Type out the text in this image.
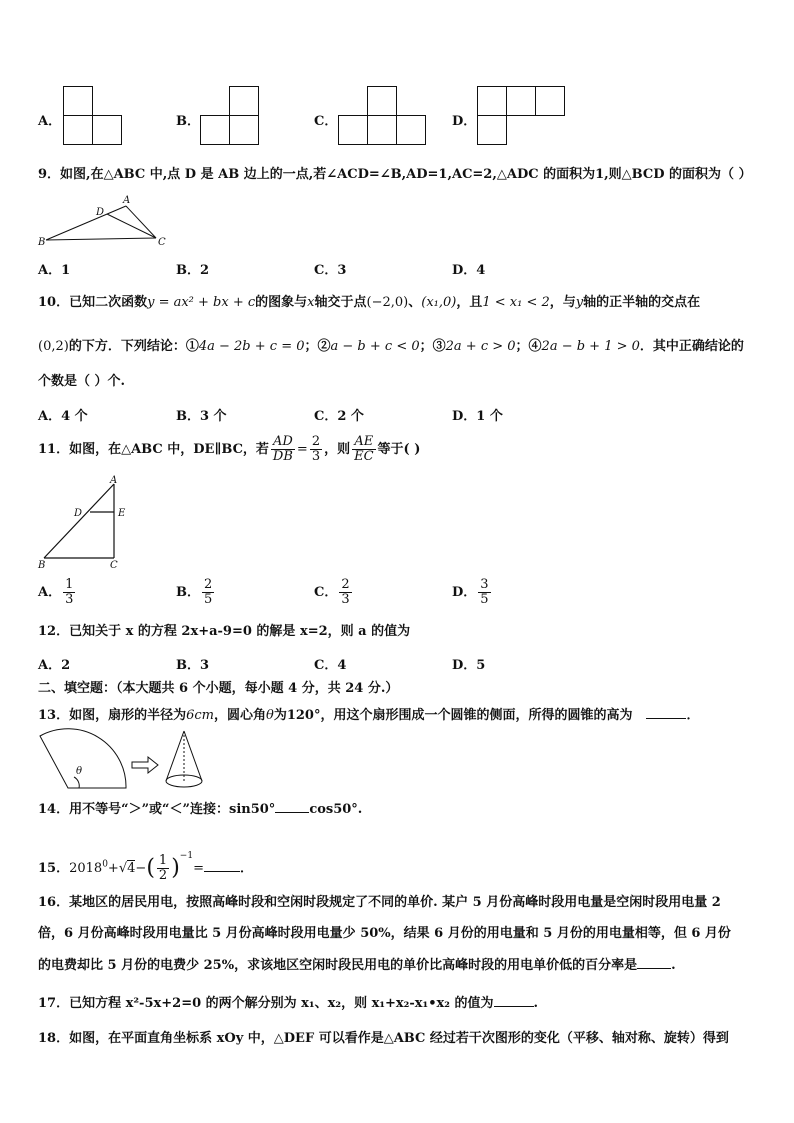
A．	B．	C．	D．
9．如图,在△ABC 中,点 D 是 AB 边上的一点,若∠ACD=∠B,AD=1,AC=2,△ADC 的面积为1,则△BCD 的面积为（ ）
B
A
D
C
A．1	B．2	C．3	D．4
10．已知二次函数y = ax² + bx + c的图象与x轴交于点(−2,0)、(x₁,0)，且1 < x₁ < 2，与y轴的正半轴的交点在
(0,2)的下方．下列结论：①4a − 2b + c = 0；②a − b + c < 0；③2a + c > 0；④2a − b + 1 > 0．其中正确结论的
个数是（ ）个.
A．4 个	B．3 个	C．2 个	D．1 个
11．如图，在△ABC 中，DE∥BC，若 $\frac{AD}{DB} = \frac{2}{3}$ ，则 $\frac{AE}{EC}$ 等于( )
A
D	E
B	C
A． $\frac{1}{3}$	B． $\frac{2}{5}$	C． $\frac{2}{3}$	D． $\frac{3}{5}$
12．已知关于 x 的方程 2x+a-9=0 的解是 x=2，则 a 的值为
A．2	B．3	C．4	D．5
二、填空题：（本大题共 6 个小题，每小题 4 分，共 24 分.）
13．如图，扇形的半径为6cm，圆心角θ为120°，用这个扇形围成一个圆锥的侧面，所得的圆锥的高为	．
θ
14．用不等号“＞”或“＜”连接：sin50°	cos50°.
15．$2018^0+√4-( \frac{1}{2} )^{-1}=$	．
16．某地区的居民用电，按照高峰时段和空闲时段规定了不同的单价. 某户 5 月份高峰时段用电量是空闲时段用电量 2
倍，6 月份高峰时段用电量比 5 月份高峰时段用电量少 50%，结果 6 月份的用电量和 5 月份的用电量相等，但 6 月份
的电费却比 5 月份的电费少 25%，求该地区空闲时段民用电的单价比高峰时段的用电单价低的百分率是	.
17．已知方程 x²-5x+2=0 的两个解分别为 x₁、x₂，则 x₁+x₂-x₁•x₂ 的值为	.
18．如图，在平面直角坐标系 xOy 中，△DEF 可以看作是△ABC 经过若干次图形的变化（平移、轴对称、旋转）得到
